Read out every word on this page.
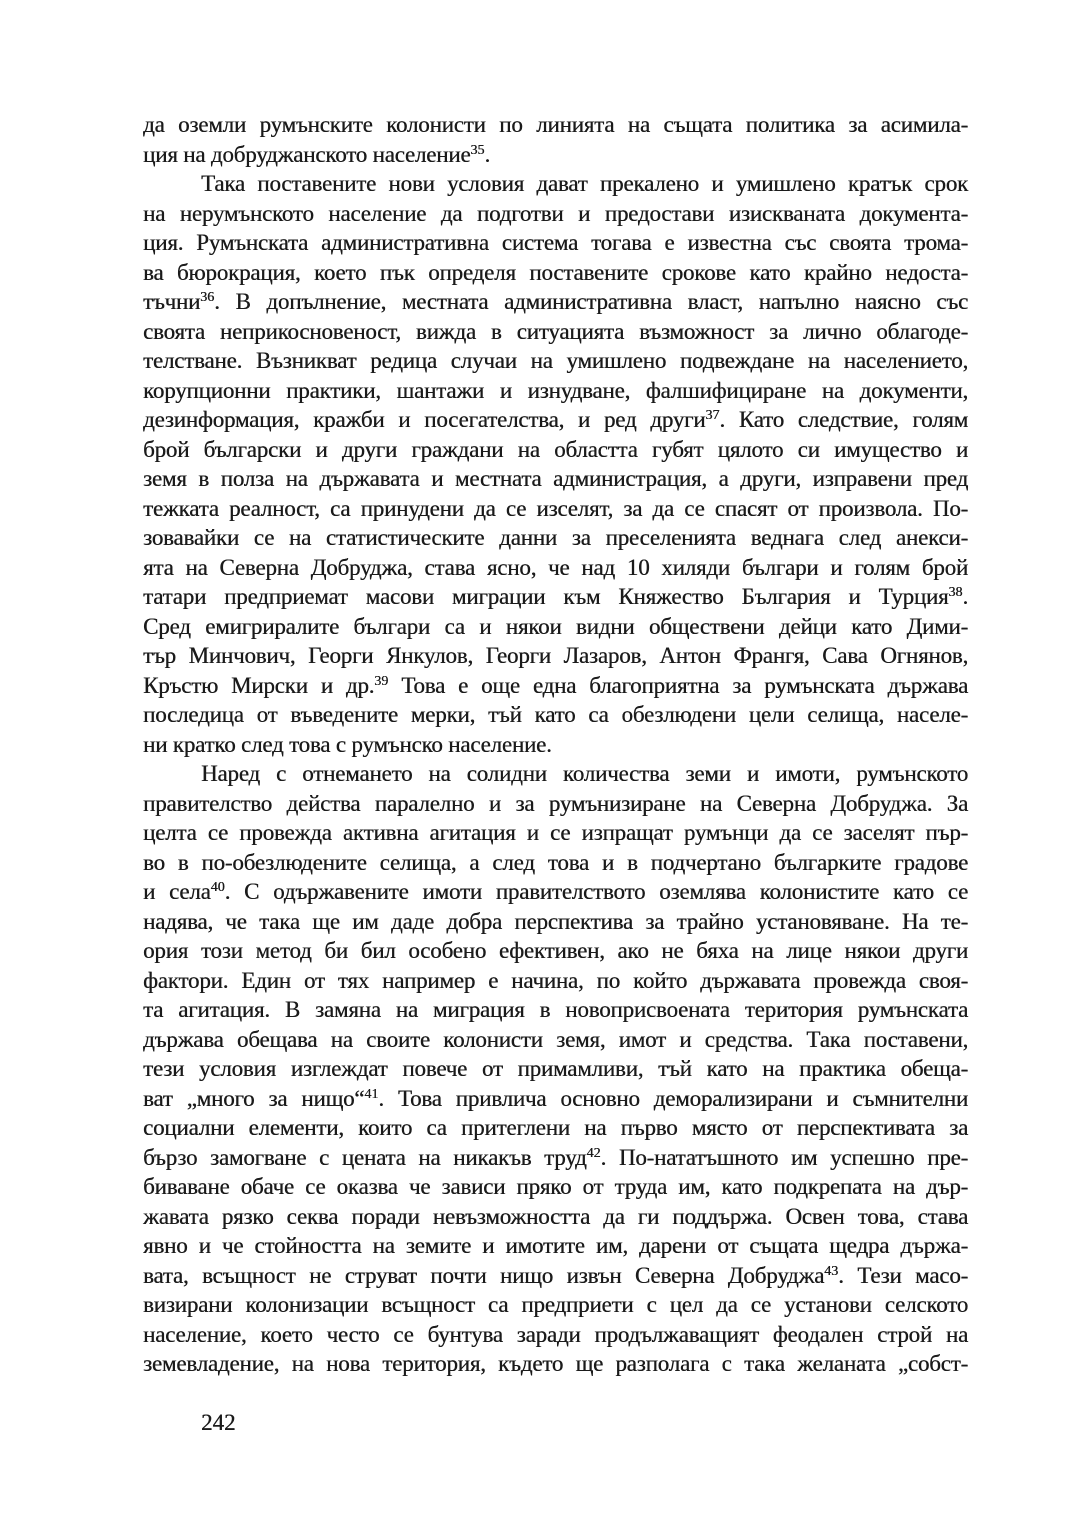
да оземли румънските колонисти по линията на същата политика за асимила-
ция на добруджанското население$^{35}$.
Така поставените нови условия дават прекалено и умишлено кратък срок
на нерумънското население да подготви и предостави изискваната документа-
ция. Румънската административна система тогава е известна със своята трома-
ва бюрокрация, което пък определя поставените срокове като крайно недоста-
тъчни$^{36}$. В допълнение, местната административна власт, напълно наясно със
своята неприкосновеност, вижда в ситуацията възможност за лично облагоде-
телстване. Възникват редица случаи на умишлено подвеждане на населението,
корупционни практики, шантажи и изнудване, фалшифициране на документи,
дезинформация, кражби и посегателства, и ред други$^{37}$. Като следствие, голям
брой български и други граждани на областта губят цялото си имущество и
земя в полза на държавата и местната администрация, а други, изправени пред
тежката реалност, са принудени да се изселят, за да се спасят от произвола. По-
зовавайки се на статистическите данни за преселенията веднага след анекси-
ята на Северна Добруджа, става ясно, че над 10 хиляди българи и голям брой
татари предприемат масови миграции към Княжество България и Турция$^{38}$.
Сред емигриралите българи са и някои видни обществени дейци като Дими-
тър Минчович, Георги Янкулов, Георги Лазаров, Антон Франгя, Сава Огнянов,
Кръстю Мирски и др.$^{39}$ Това е още една благоприятна за румънската държава
последица от въведените мерки, тъй като са обезлюдени цели селища, населе-
ни кратко след това с румънско население.
Наред с отнемането на солидни количества земи и имоти, румънското
правителство действа паралелно и за румънизиране на Северна Добруджа. За
целта се провежда активна агитация и се изпращат румънци да се заселят пър-
во в по-обезлюдените селища, а след това и в подчертано българките градове
и села$^{40}$. С одържавените имоти правителството оземлява колонистите като се
надява, че така ще им даде добра перспектива за трайно установяване. На те-
ория този метод би бил особено ефективен, ако не бяха на лице някои други
фактори. Един от тях например е начина, по който държавата провежда своя-
та агитация. В замяна на миграция в новоприсвоената територия румънската
държава обещава на своите колонисти земя, имот и средства. Така поставени,
тези условия изглеждат повече от примамливи, тъй като на практика обеща-
ват „много за нищо“$^{41}$. Това привлича основно деморализирани и съмнителни
социални елементи, които са притеглени на първо място от перспективата за
бързо замогване с цената на никакъв труд$^{42}$. По-нататъшното им успешно пре-
биваване обаче се оказва че зависи пряко от труда им, като подкрепата на дър-
жавата рязко секва поради невъзможността да ги поддържа. Освен това, става
явно и че стойността на земите и имотите им, дарени от същата щедра държа-
вата, всъщност не струват почти нищо извън Северна Добруджа$^{43}$. Тези масо-
визирани колонизации всъщност са предприети с цел да се установи селското
население, което често се бунтува заради продължаващият феодален строй на
земевладение, на нова територия, където ще разполага с така желаната „собст-
242
